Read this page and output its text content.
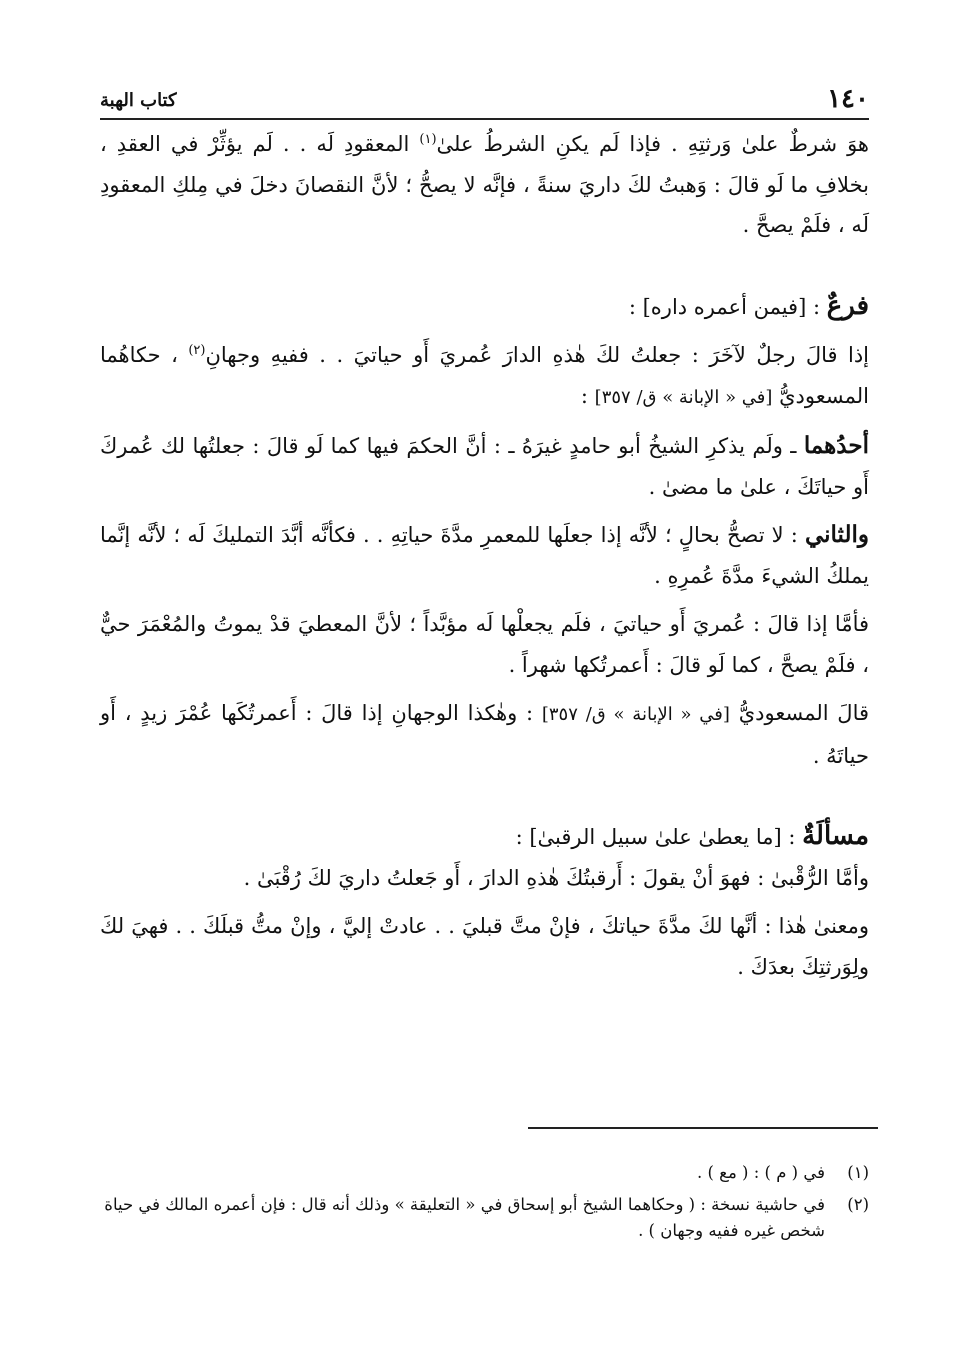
١٤٠
كتاب الهبة

هوَ شرطٌ علىٰ وَرثتِهِ . فإذا لَم يكنِ الشرطُ علىٰ$^{(١)}$ المعقودِ لَه . . لَم يؤثِّرْ في العقدِ ، بخلافِ ما لَو قالَ : وَهبتُ لكَ داريَ سنةً ، فإنَّه لا يصحُّ ؛ لأنَّ النقصانَ دخلَ في مِلكِ المعقودِ لَه ، فلَمْ يصحَّ .

فرعٌ : [فيمن أعمره داره] :

إذا قالَ رجلٌ لآخَرَ : جعلتُ لكَ هٰذهِ الدارَ عُمريَ أَو حياتيَ . . ففيهِ وجهانِ$^{(٢)}$ ، حكاهُما المسعوديُّ [في « الإبانة » ق/ ٣٥٧] :

أحدُهما ـ ولَم يذكرِ الشيخُ أبو حامدٍ غيرَهُ ـ : أنَّ الحكمَ فيها كما لَو قالَ : جعلتُها لك عُمركَ أَو حياتَكَ ، علىٰ ما مضىٰ .

والثاني : لا تصحُّ بحالٍ ؛ لأنَّه إذا جعلَها للمعمرِ مدَّةَ حياتِهِ . . فكأنَّه أبَّدَ التمليكَ لَه ؛ لأنَّه إنَّما يملكُ الشيءَ مدَّةَ عُمرِهِ .

فأمَّا إذا قالَ : عُمريَ أَو حياتيَ ، فلَم يجعلْها لَه مؤبَّداً ؛ لأنَّ المعطيَ قدْ يموتُ والمُعْمَرَ حيٌّ ، فلَمْ يصحَّ ، كما لَو قالَ : أَعمرتُكها شهراً .

قالَ المسعوديُّ [في « الإبانة » ق/ ٣٥٧] : وهٰكذا الوجهانِ إذا قالَ : أَعمرتُكَها عُمْرَ زيدٍ ، أَو حياتَهُ .

مسألَةٌ : [ما يعطىٰ علىٰ سبيل الرقبىٰ] :

وأمَّا الرُّقْبىٰ : فهوَ أنْ يقولَ : أَرقبتُكَ هٰذهِ الدارَ ، أَو جَعلتُ داريَ لكَ رُقْبَىٰ .

ومعنىٰ هٰذا : أنَّها لكَ مدَّةَ حياتكَ ، فإنْ متَّ قبليَ . . عادتْ إليَّ ، وإنْ متُّ قبلَكَ . . فهيَ لكَ ولِوَرثتِكَ بعدَكَ .

(١)
في ( م ) : ( مع ) .
(٢)
في حاشية نسخة : ( وحكاهما الشيخ أبو إسحاق في « التعليقة » وذلك أنه قال : فإن أعمره المالك في حياة شخص غيره ففيه وجهان ) .
